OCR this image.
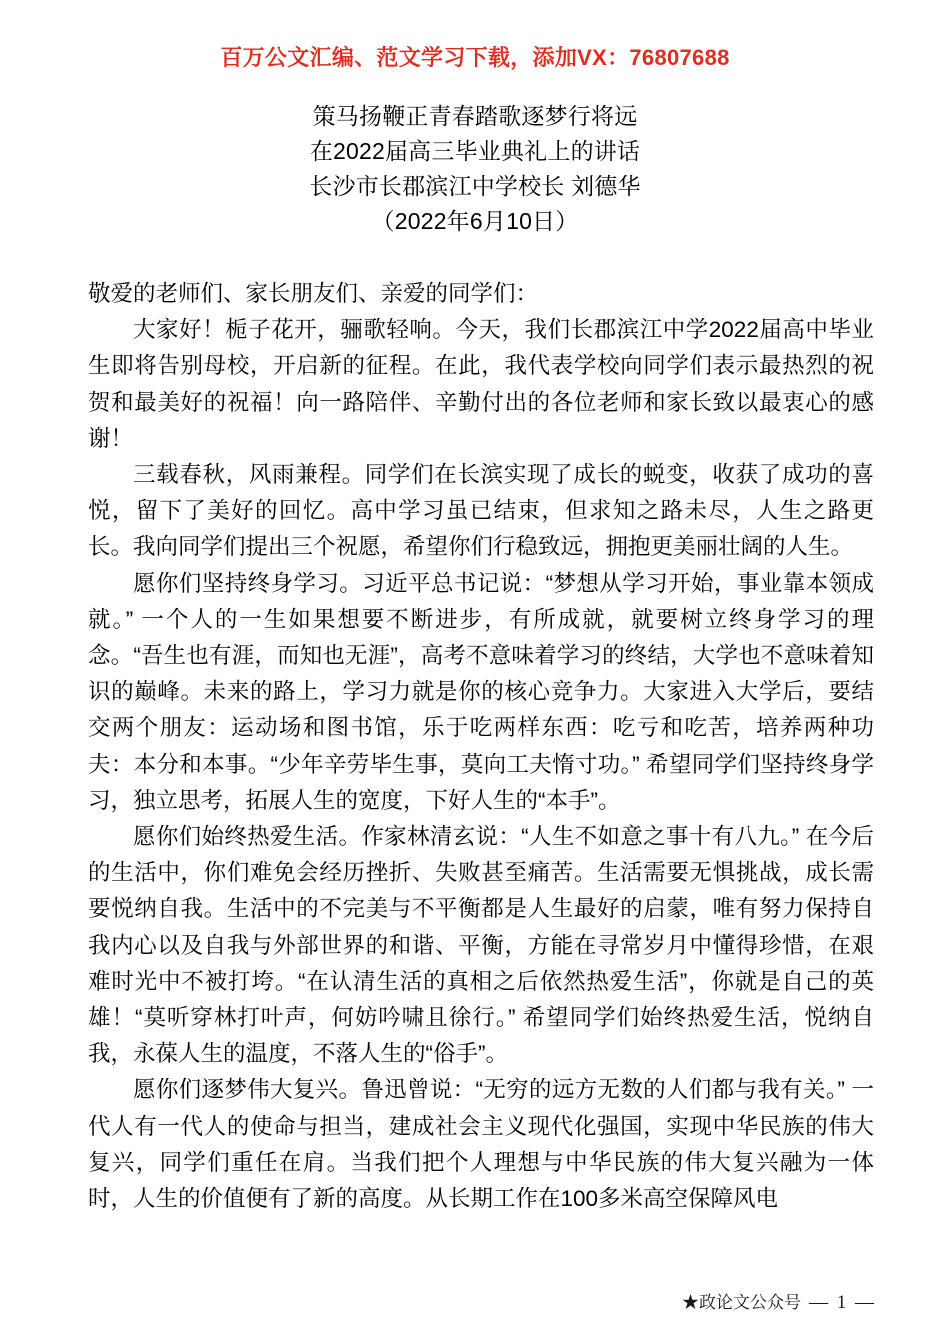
百万公文汇编、范文学习下载，添加VX：76807688
策马扬鞭正青春踏歌逐梦行将远
在2022届高三毕业典礼上的讲话
长沙市长郡滨江中学校长 刘德华
（2022年6月10日）

敬爱的老师们、家长朋友们、亲爱的同学们：

大家好！栀子花开，骊歌轻响。今天，我们长郡滨江中学2022届高中毕业生即将告别母校，开启新的征程。在此，我代表学校向同学们表示最热烈的祝贺和最美好的祝福！向一路陪伴、辛勤付出的各位老师和家长致以最衷心的感谢！

三载春秋，风雨兼程。同学们在长滨实现了成长的蜕变，收获了成功的喜悦，留下了美好的回忆。高中学习虽已结束，但求知之路未尽，人生之路更长。我向同学们提出三个祝愿，希望你们行稳致远，拥抱更美丽壮阔的人生。

愿你们坚持终身学习。习近平总书记说：“梦想从学习开始，事业靠本领成就。” 一个人的一生如果想要不断进步，有所成就，就要树立终身学习的理念。“吾生也有涯，而知也无涯”，高考不意味着学习的终结，大学也不意味着知识的巅峰。未来的路上，学习力就是你的核心竞争力。大家进入大学后，要结交两个朋友：运动场和图书馆，乐于吃两样东西：吃亏和吃苦，培养两种功夫：本分和本事。“少年辛劳毕生事，莫向工夫惰寸功。” 希望同学们坚持终身学习，独立思考，拓展人生的宽度，下好人生的“本手”。

愿你们始终热爱生活。作家林清玄说：“人生不如意之事十有八九。” 在今后的生活中，你们难免会经历挫折、失败甚至痛苦。生活需要无惧挑战，成长需要悦纳自我。生活中的不完美与不平衡都是人生最好的启蒙，唯有努力保持自我内心以及自我与外部世界的和谐、平衡，方能在寻常岁月中懂得珍惜，在艰难时光中不被打垮。“在认清生活的真相之后依然热爱生活”，你就是自己的英雄！“莫听穿林打叶声，何妨吟啸且徐行。” 希望同学们始终热爱生活，悦纳自我，永葆人生的温度，不落人生的“俗手”。

愿你们逐梦伟大复兴。鲁迅曾说：“无穷的远方无数的人们都与我有关。” 一代人有一代人的使命与担当，建成社会主义现代化强国，实现中华民族的伟大复兴，同学们重任在肩。当我们把个人理想与中华民族的伟大复兴融为一体时，人生的价值便有了新的高度。从长期工作在100多米高空保障风电

★政论文公众号 — 1 —
